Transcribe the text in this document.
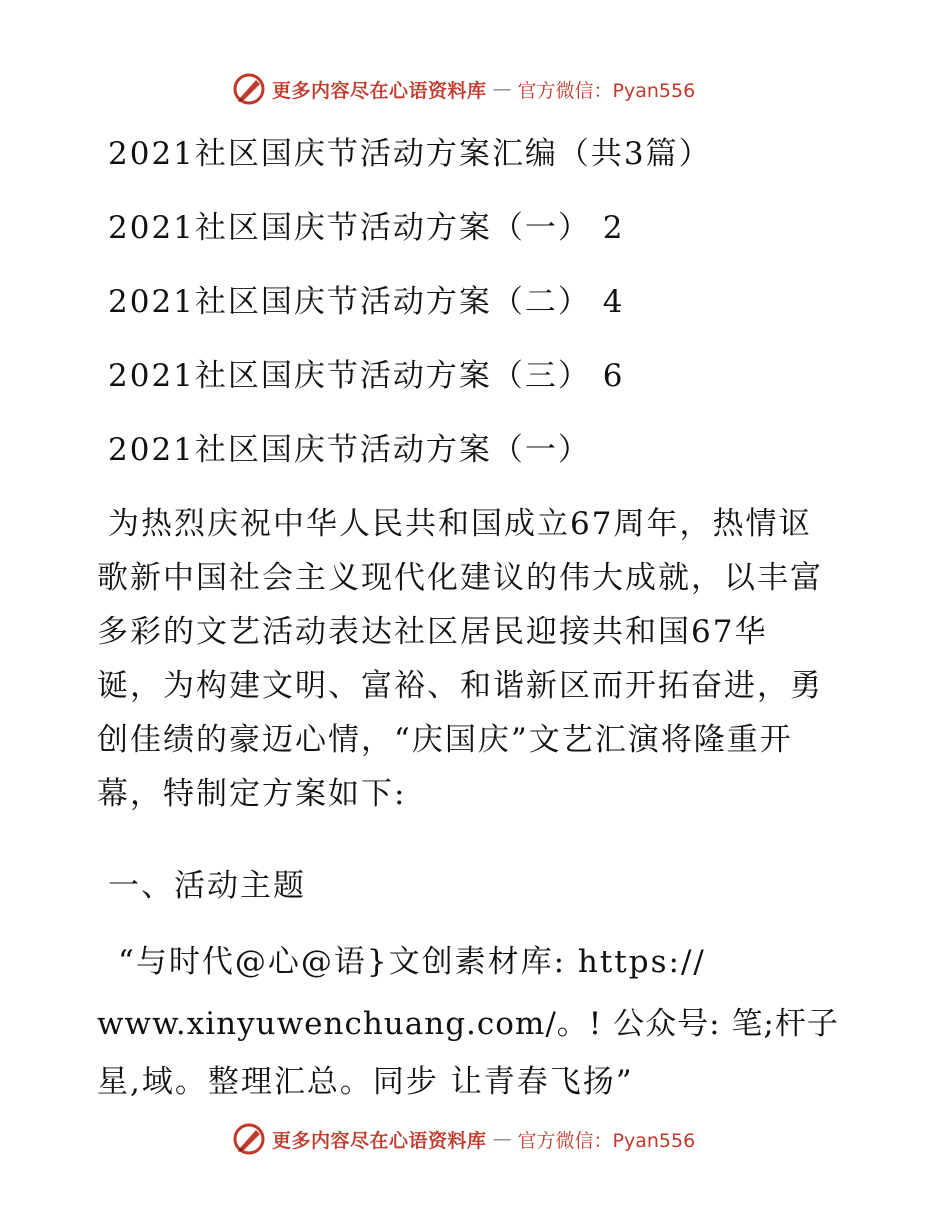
更多内容尽在心语资料库 — 官方微信：Pyan556
2021社区国庆节活动方案汇编（共3篇）
2021社区国庆节活动方案（一） 2
2021社区国庆节活动方案（二） 4
2021社区国庆节活动方案（三） 6
2021社区国庆节活动方案（一）
为热烈庆祝中华人民共和国成立67周年，热情讴
歌新中国社会主义现代化建议的伟大成就，以丰富
多彩的文艺活动表达社区居民迎接共和国67华
诞，为构建文明、富裕、和谐新区而开拓奋进，勇
创佳绩的豪迈心情，“庆国庆”文艺汇演将隆重开
幕，特制定方案如下:
一、活动主题
“与时代@心@语}文创素材库: https://
www.xinyuwenchuang.com/。! 公众号: 笔;杆子
星,域。整理汇总。同步 让青春飞扬”
更多内容尽在心语资料库 — 官方微信：Pyan556
